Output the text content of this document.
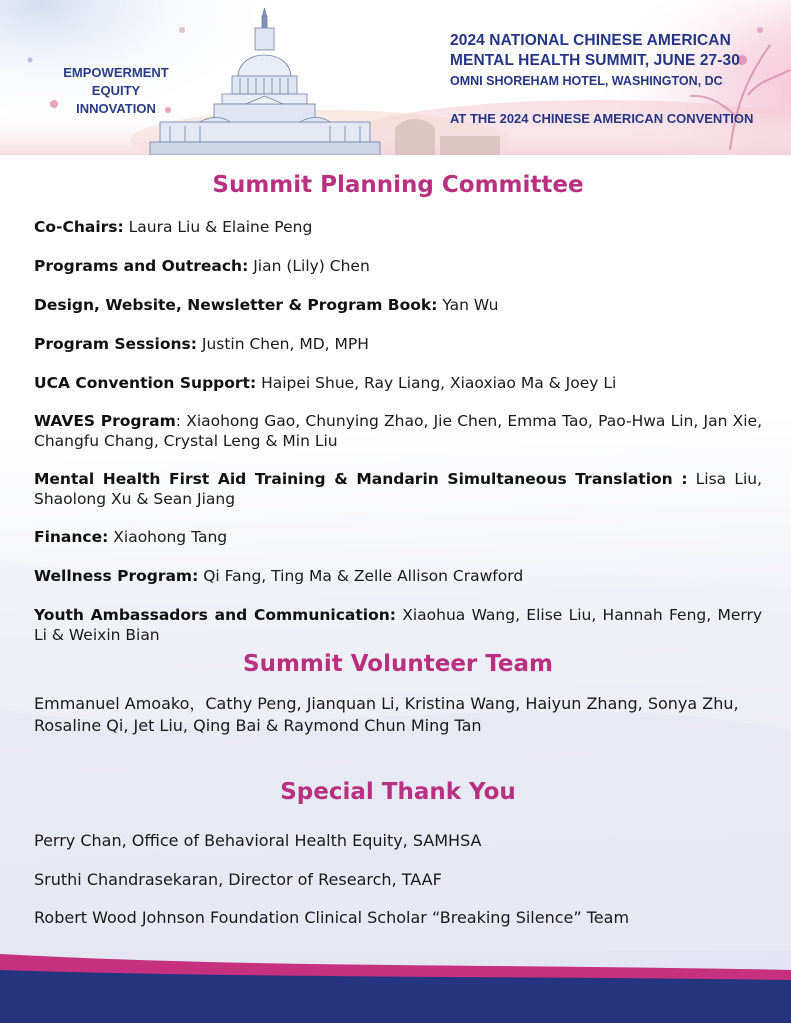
EMPOWERMENT
EQUITY
INNOVATION
2024 NATIONAL CHINESE AMERICAN
MENTAL HEALTH SUMMIT, JUNE 27-30
OMNI SHOREHAM HOTEL, WASHINGTON, DC
AT THE 2024 CHINESE AMERICAN CONVENTION
Summit Planning Committee
Co-Chairs: Laura Liu & Elaine Peng
Programs and Outreach: Jian (Lily) Chen
Design, Website, Newsletter & Program Book: Yan Wu
Program Sessions: Justin Chen, MD, MPH
UCA Convention Support: Haipei Shue, Ray Liang, Xiaoxiao Ma & Joey Li
WAVES Program: Xiaohong Gao, Chunying Zhao, Jie Chen, Emma Tao, Pao-Hwa Lin, Jan Xie, Changfu Chang, Crystal Leng & Min Liu
Mental Health First Aid Training & Mandarin Simultaneous Translation : Lisa Liu, Shaolong Xu & Sean Jiang
Finance: Xiaohong Tang
Wellness Program: Qi Fang, Ting Ma & Zelle Allison Crawford
Youth Ambassadors and Communication: Xiaohua Wang, Elise Liu, Hannah Feng, Merry Li & Weixin Bian
Summit Volunteer Team
Emmanuel Amoako，Cathy Peng, Jianquan Li, Kristina Wang, Haiyun Zhang, Sonya Zhu, Rosaline Qi, Jet Liu, Qing Bai & Raymond Chun Ming Tan
Special Thank You
Perry Chan, Office of Behavioral Health Equity, SAMHSA
Sruthi Chandrasekaran, Director of Research, TAAF
Robert Wood Johnson Foundation Clinical Scholar “Breaking Silence” Team
